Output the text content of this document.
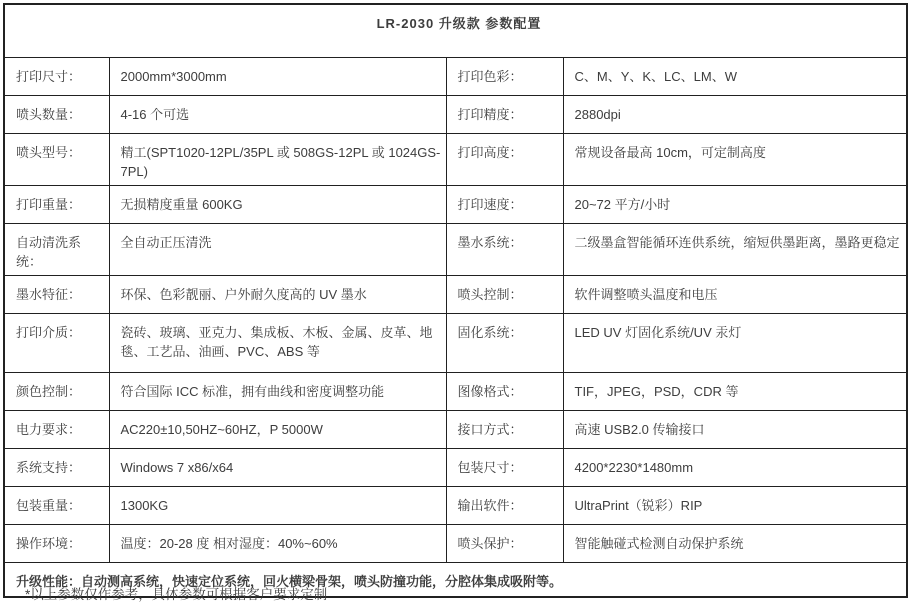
LR-2030 升级款 参数配置			
打印尺寸：	2000mm*3000mm	打印色彩：	C、M、Y、K、LC、LM、W
喷头数量：	4-16 个可选	打印精度：	2880dpi
喷头型号：	精工(SPT1020-12PL/35PL 或 508GS-12PL 或 1024GS-7PL)	打印高度：	常规设备最高 10cm，可定制高度
打印重量：	无损精度重量 600KG	打印速度：	20~72 平方/小时
自动清洗系统：	全自动正压清洗	墨水系统：	二级墨盒智能循环连供系统，缩短供墨距离，墨路更稳定
墨水特征：	环保、色彩靓丽、户外耐久度高的 UV 墨水	喷头控制：	软件调整喷头温度和电压
打印介质：	瓷砖、玻璃、亚克力、集成板、木板、金属、皮革、地毯、工艺品、油画、PVC、ABS 等	固化系统：	LED UV 灯固化系统/UV 汞灯
颜色控制：	符合国际 ICC 标准，拥有曲线和密度调整功能	图像格式：	TIF，JPEG，PSD，CDR 等
电力要求：	AC220±10,50HZ~60HZ，P 5000W	接口方式：	高速 USB2.0 传输接口
系统支持：	Windows 7 x86/x64	包装尺寸：	4200*2230*1480mm
包装重量：	1300KG	输出软件：	UltraPrint（锐彩）RIP
操作环境：	温度：20-28 度 相对湿度：40%~60%	喷头保护：	智能触碰式检测自动保护系统
升级性能：自动测高系统，快速定位系统，回火横梁骨架，喷头防撞功能，分腔体集成吸附等。			
*以上参数仅作参考，具体参数可根据客户要求定制
